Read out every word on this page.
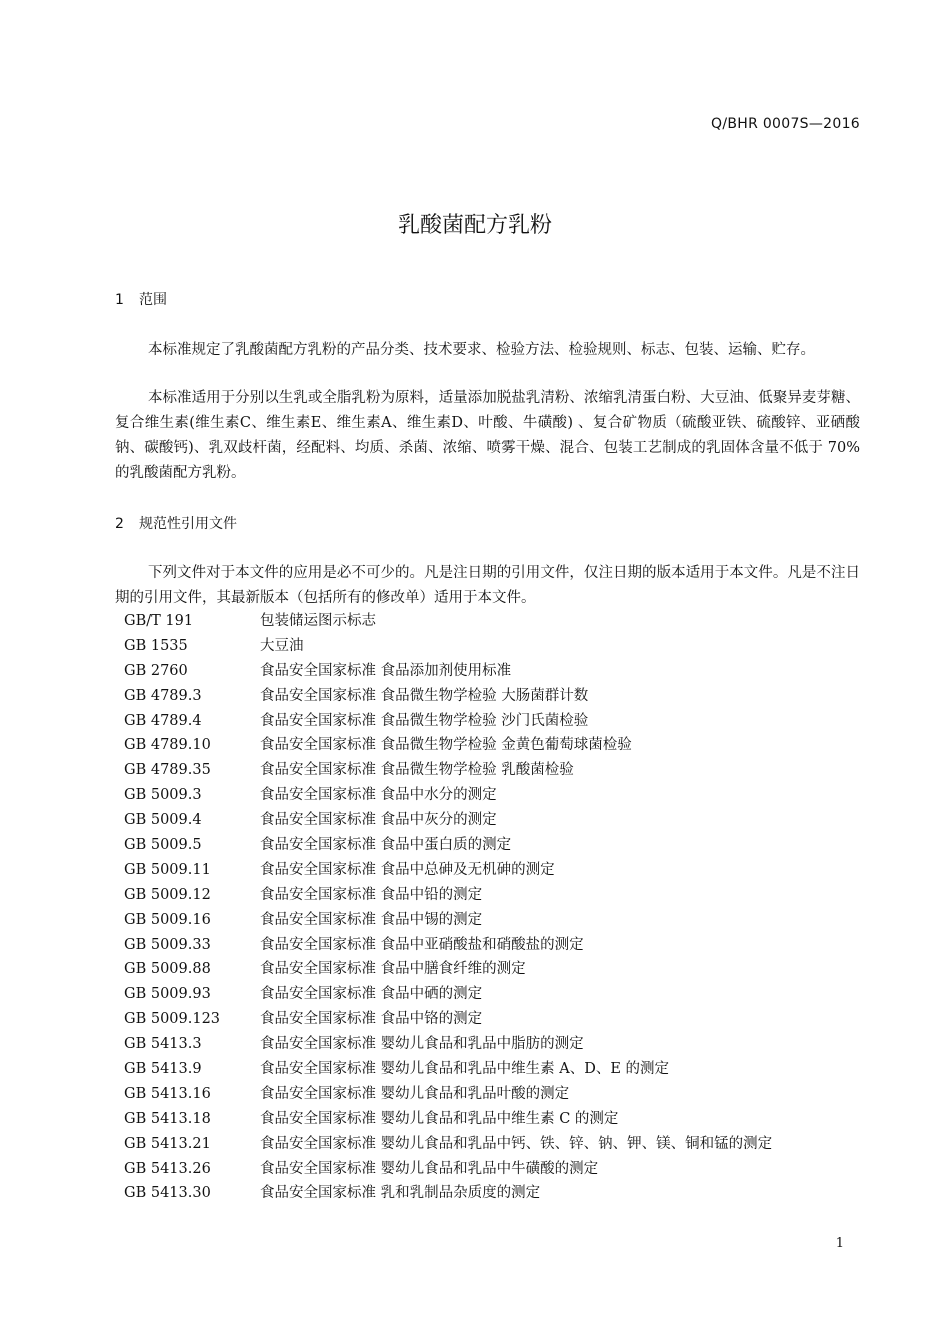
Q/BHR 0007S—2016
乳酸菌配方乳粉
1 范围
本标准规定了乳酸菌配方乳粉的产品分类、技术要求、检验方法、检验规则、标志、包装、运输、贮存。
本标准适用于分别以生乳或全脂乳粉为原料，适量添加脱盐乳清粉、浓缩乳清蛋白粉、大豆油、低聚异麦芽糖、复合维生素(维生素C、维生素E、维生素A、维生素D、叶酸、牛磺酸) 、复合矿物质（硫酸亚铁、硫酸锌、亚硒酸钠、碳酸钙)、乳双歧杆菌，经配料、均质、杀菌、浓缩、喷雾干燥、混合、包装工艺制成的乳固体含量不低于 70%的乳酸菌配方乳粉。
2 规范性引用文件
下列文件对于本文件的应用是必不可少的。凡是注日期的引用文件，仅注日期的版本适用于本文件。凡是不注日期的引用文件，其最新版本（包括所有的修改单）适用于本文件。
GB/T 191	包装储运图示标志
GB 1535	大豆油
GB 2760	食品安全国家标准 食品添加剂使用标准
GB 4789.3	食品安全国家标准 食品微生物学检验 大肠菌群计数
GB 4789.4	食品安全国家标准 食品微生物学检验 沙门氏菌检验
GB 4789.10	食品安全国家标准 食品微生物学检验 金黄色葡萄球菌检验
GB 4789.35	食品安全国家标准 食品微生物学检验 乳酸菌检验
GB 5009.3	食品安全国家标准 食品中水分的测定
GB 5009.4	食品安全国家标准 食品中灰分的测定
GB 5009.5	食品安全国家标准 食品中蛋白质的测定
GB 5009.11	食品安全国家标准 食品中总砷及无机砷的测定
GB 5009.12	食品安全国家标准 食品中铅的测定
GB 5009.16	食品安全国家标准 食品中锡的测定
GB 5009.33	食品安全国家标准 食品中亚硝酸盐和硝酸盐的测定
GB 5009.88	食品安全国家标准 食品中膳食纤维的测定
GB 5009.93	食品安全国家标准 食品中硒的测定
GB 5009.123	食品安全国家标准 食品中铬的测定
GB 5413.3	食品安全国家标准 婴幼儿食品和乳品中脂肪的测定
GB 5413.9	食品安全国家标准 婴幼儿食品和乳品中维生素 A、D、E 的测定
GB 5413.16	食品安全国家标准 婴幼儿食品和乳品叶酸的测定
GB 5413.18	食品安全国家标准 婴幼儿食品和乳品中维生素 C 的测定
GB 5413.21	食品安全国家标准 婴幼儿食品和乳品中钙、铁、锌、钠、钾、镁、铜和锰的测定
GB 5413.26	食品安全国家标准 婴幼儿食品和乳品中牛磺酸的测定
GB 5413.30	食品安全国家标准 乳和乳制品杂质度的测定
1
